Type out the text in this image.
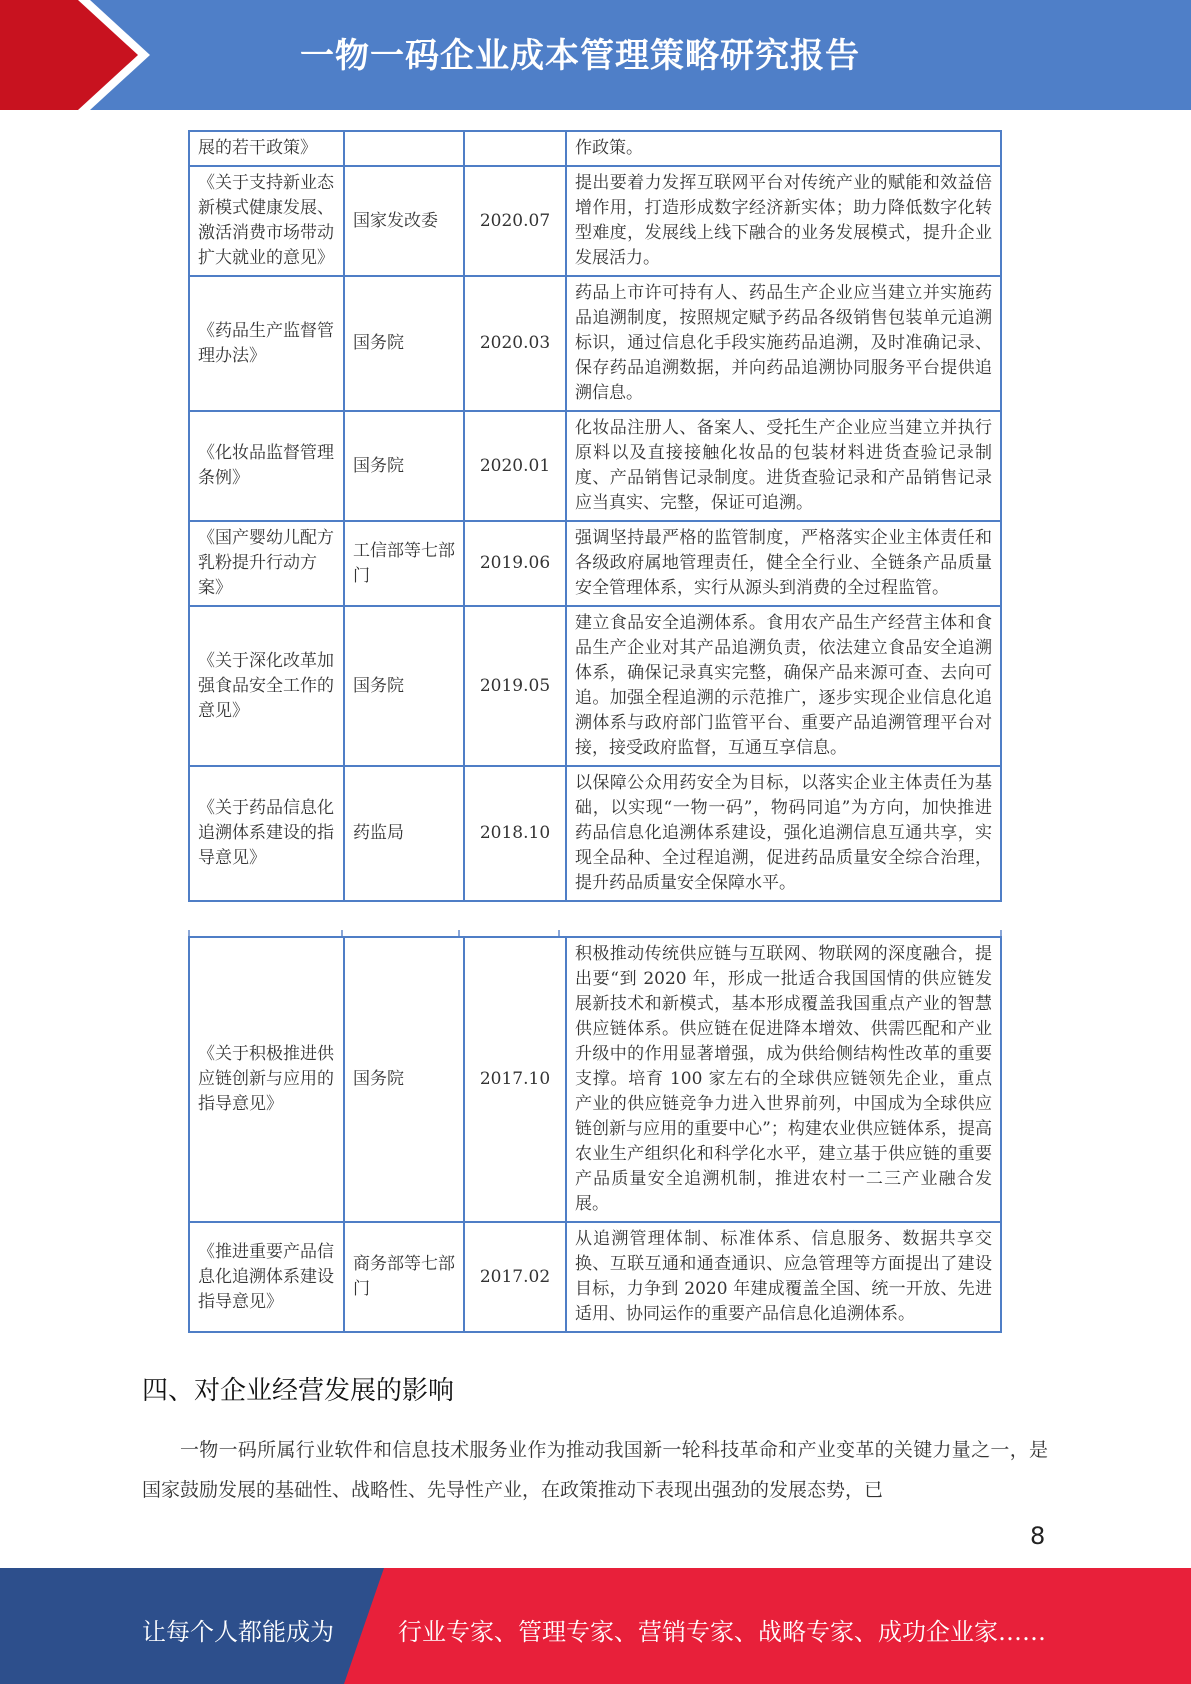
一物一码企业成本管理策略研究报告
展的若干政策》			作政策。
《关于支持新业态新模式健康发展、激活消费市场带动扩大就业的意见》	国家发改委	2020.07	提出要着力发挥互联网平台对传统产业的赋能和效益倍增作用，打造形成数字经济新实体；助力降低数字化转型难度，发展线上线下融合的业务发展模式，提升企业发展活力。
《药品生产监督管理办法》	国务院	2020.03	药品上市许可持有人、药品生产企业应当建立并实施药品追溯制度，按照规定赋予药品各级销售包装单元追溯标识，通过信息化手段实施药品追溯，及时准确记录、保存药品追溯数据，并向药品追溯协同服务平台提供追溯信息。
《化妆品监督管理条例》	国务院	2020.01	化妆品注册人、备案人、受托生产企业应当建立并执行原料以及直接接触化妆品的包装材料进货查验记录制度、产品销售记录制度。进货查验记录和产品销售记录应当真实、完整，保证可追溯。
《国产婴幼儿配方乳粉提升行动方案》	工信部等七部门	2019.06	强调坚持最严格的监管制度，严格落实企业主体责任和各级政府属地管理责任，健全全行业、全链条产品质量安全管理体系，实行从源头到消费的全过程监管。
《关于深化改革加强食品安全工作的意见》	国务院	2019.05	建立食品安全追溯体系。食用农产品生产经营主体和食品生产企业对其产品追溯负责，依法建立食品安全追溯体系，确保记录真实完整，确保产品来源可查、去向可追。加强全程追溯的示范推广，逐步实现企业信息化追溯体系与政府部门监管平台、重要产品追溯管理平台对接，接受政府监督，互通互享信息。
《关于药品信息化追溯体系建设的指导意见》	药监局	2018.10	以保障公众用药安全为目标，以落实企业主体责任为基础，以实现“一物一码”，物码同追”为方向，加快推进药品信息化追溯体系建设，强化追溯信息互通共享，实现全品种、全过程追溯，促进药品质量安全综合治理，提升药品质量安全保障水平。
《关于积极推进供应链创新与应用的指导意见》	国务院	2017.10	积极推动传统供应链与互联网、物联网的深度融合，提出要“到 2020 年，形成一批适合我国国情的供应链发展新技术和新模式，基本形成覆盖我国重点产业的智慧供应链体系。供应链在促进降本增效、供需匹配和产业升级中的作用显著增强，成为供给侧结构性改革的重要支撑。培育 100 家左右的全球供应链领先企业，重点产业的供应链竞争力进入世界前列，中国成为全球供应链创新与应用的重要中心”；构建农业供应链体系，提高农业生产组织化和科学化水平，建立基于供应链的重要产品质量安全追溯机制，推进农村一二三产业融合发展。
《推进重要产品信息化追溯体系建设指导意见》	商务部等七部门	2017.02	从追溯管理体制、标准体系、信息服务、数据共享交换、互联互通和通查通识、应急管理等方面提出了建设目标，力争到 2020 年建成覆盖全国、统一开放、先进适用、协同运作的重要产品信息化追溯体系。
四、对企业经营发展的影响

一物一码所属行业软件和信息技术服务业作为推动我国新一轮科技革命和产业变革的关键力量之一，是国家鼓励发展的基础性、战略性、先导性产业，在政策推动下表现出强劲的发展态势，已

8
让每个人都能成为	行业专家、管理专家、营销专家、战略专家、成功企业家……
